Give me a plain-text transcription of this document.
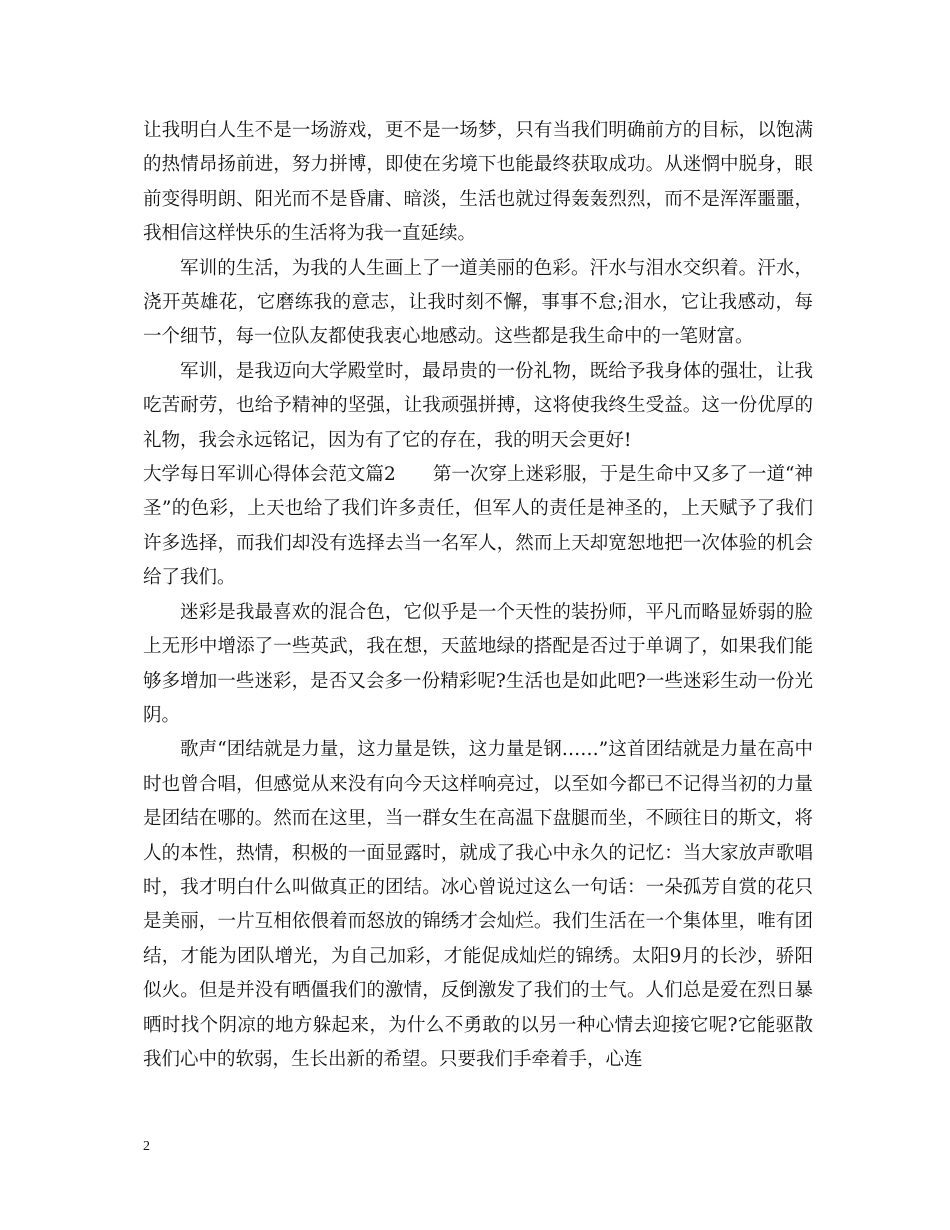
让我明白人生不是一场游戏，更不是一场梦，只有当我们明确前方的目标，以饱满的热情昂扬前进，努力拼博，即使在劣境下也能最终获取成功。从迷惘中脱身，眼前变得明朗、阳光而不是昏庸、暗淡，生活也就过得轰轰烈烈，而不是浑浑噩噩，我相信这样快乐的生活将为我一直延续。

军训的生活，为我的人生画上了一道美丽的色彩。汗水与泪水交织着。汗水，浇开英雄花，它磨练我的意志，让我时刻不懈，事事不怠;泪水，它让我感动，每一个细节，每一位队友都使我衷心地感动。这些都是我生命中的一笔财富。

军训，是我迈向大学殿堂时，最昂贵的一份礼物，既给予我身体的强壮，让我吃苦耐劳，也给予精神的坚强，让我顽强拼搏，这将使我终生受益。这一份优厚的礼物，我会永远铭记，因为有了它的存在，我的明天会更好!

大学每日军训心得体会范文篇2　　第一次穿上迷彩服，于是生命中又多了一道“神圣”的色彩，上天也给了我们许多责任，但军人的责任是神圣的，上天赋予了我们许多选择，而我们却没有选择去当一名军人，然而上天却宽恕地把一次体验的机会给了我们。

迷彩是我最喜欢的混合色，它似乎是一个天性的装扮师，平凡而略显娇弱的脸上无形中增添了一些英武，我在想，天蓝地绿的搭配是否过于单调了，如果我们能够多增加一些迷彩，是否又会多一份精彩呢?生活也是如此吧?一些迷彩生动一份光阴。

歌声“团结就是力量，这力量是铁，这力量是钢……”这首团结就是力量在高中时也曾合唱，但感觉从来没有向今天这样响亮过，以至如今都已不记得当初的力量是团结在哪的。然而在这里，当一群女生在高温下盘腿而坐，不顾往日的斯文，将人的本性，热情，积极的一面显露时，就成了我心中永久的记忆：当大家放声歌唱时，我才明白什么叫做真正的团结。冰心曾说过这么一句话：一朵孤芳自赏的花只是美丽，一片互相依偎着而怒放的锦绣才会灿烂。我们生活在一个集体里，唯有团结，才能为团队增光，为自己加彩，才能促成灿烂的锦绣。太阳9月的长沙，骄阳似火。但是并没有晒僵我们的激情，反倒激发了我们的士气。人们总是爱在烈日暴晒时找个阴凉的地方躲起来，为什么不勇敢的以另一种心情去迎接它呢?它能驱散我们心中的软弱，生长出新的希望。只要我们手牵着手，心连

2
